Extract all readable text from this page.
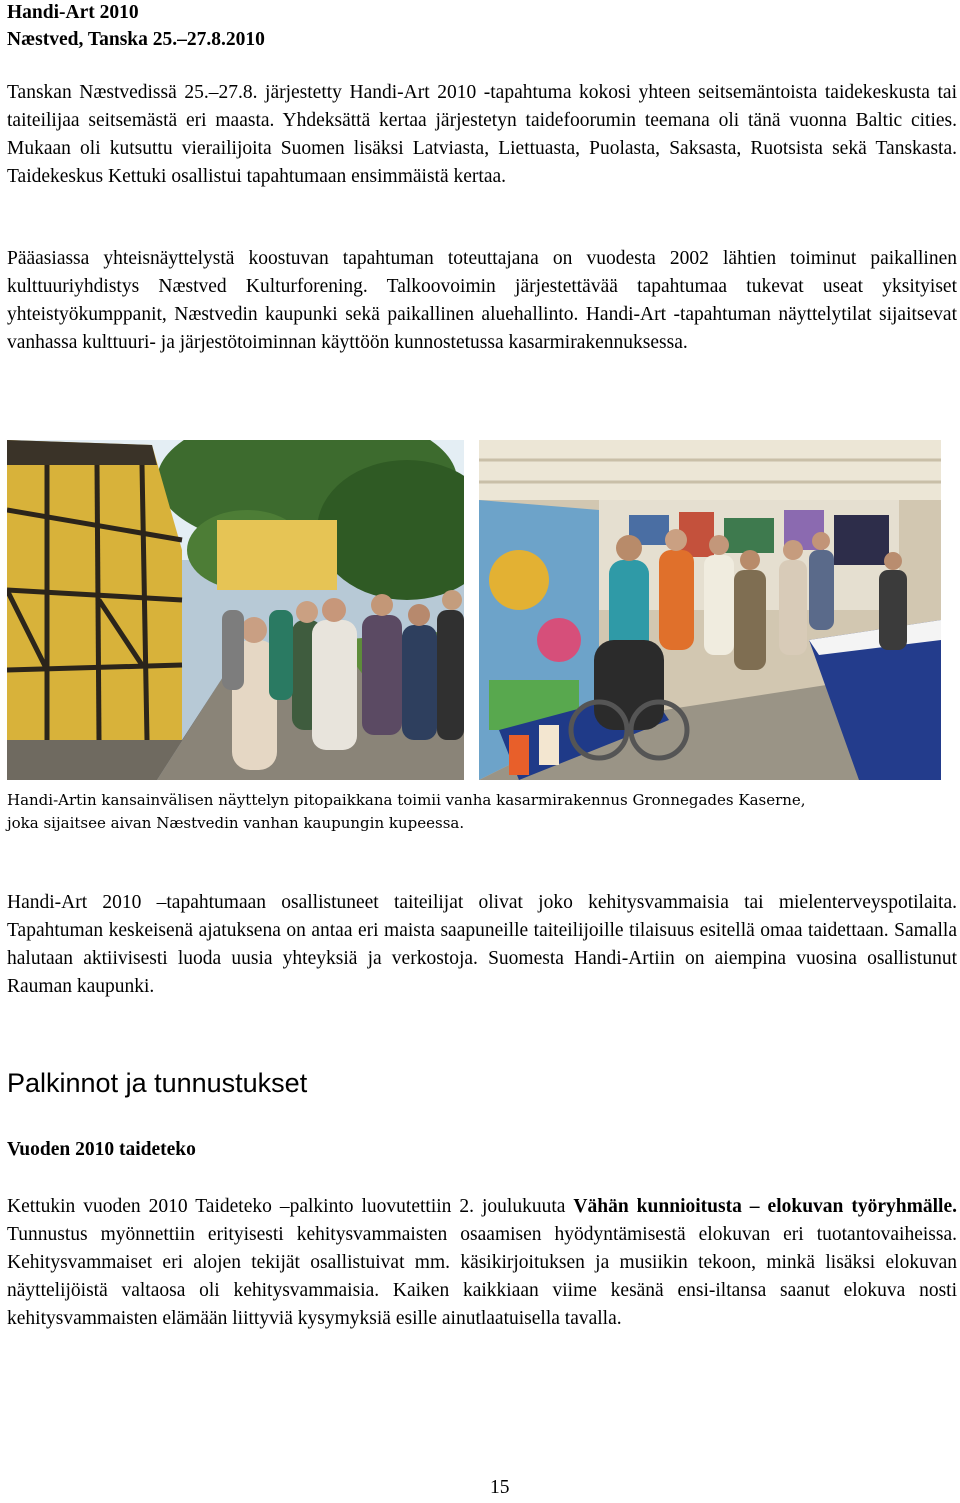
Handi-Art 2010
Næstved, Tanska 25.–27.8.2010

Tanskan Næstvedissä 25.–27.8. järjestetty Handi-Art 2010 -tapahtuma kokosi yhteen seitsemäntoista taidekeskusta tai taiteilijaa seitsemästä eri maasta. Yhdeksättä kertaa järjestetyn taidefoorumin teemana oli tänä vuonna Baltic cities. Mukaan oli kutsuttu vierailijoita Suomen lisäksi Latviasta, Liettuasta, Puolasta, Saksasta, Ruotsista sekä Tanskasta. Taidekeskus Kettuki osallistui tapahtumaan ensimmäistä kertaa.

Pääasiassa yhteisnäyttelystä koostuvan tapahtuman toteuttajana on vuodesta 2002 lähtien toiminut paikallinen kulttuuriyhdistys Næstved Kulturforening. Talkoovoimin järjestettävää tapahtumaa tukevat useat yksityiset yhteistyökumppanit, Næstvedin kaupunki sekä paikallinen aluehallinto. Handi-Art -tapahtuman näyttelytilat sijaitsevat vanhassa kulttuuri- ja järjestötoiminnan käyttöön kunnostetussa kasarmirakennuksessa.

Handi-Artin kansainvälisen näyttelyn pitopaikkana toimii vanha kasarmirakennus Gronnegades Kaserne,
joka sijaitsee aivan Næstvedin vanhan kaupungin kupeessa.

Handi-Art 2010 –tapahtumaan osallistuneet taiteilijat olivat joko kehitysvammaisia tai mielenterveyspotilaita. Tapahtuman keskeisenä ajatuksena on antaa eri maista saapuneille taiteilijoille tilaisuus esitellä omaa taidettaan. Samalla halutaan aktiivisesti luoda uusia yhteyksiä ja verkostoja. Suomesta Handi-Artiin on aiempina vuosina osallistunut Rauman kaupunki.

Palkinnot ja tunnustukset
Vuoden 2010 taideteko

Kettukin vuoden 2010 Taideteko –palkinto luovutettiin 2. joulukuuta Vähän kunnioitusta – elokuvan työryhmälle. Tunnustus myönnettiin erityisesti kehitysvammaisten osaamisen hyödyntämisestä elokuvan eri tuotantovaiheissa. Kehitysvammaiset eri alojen tekijät osallistuivat mm. käsikirjoituksen ja musiikin tekoon, minkä lisäksi elokuvan näyttelijöistä valtaosa oli kehitysvammaisia. Kaiken kaikkiaan viime kesänä ensi-iltansa saanut elokuva nosti kehitysvammaisten elämään liittyviä kysymyksiä esille ainutlaatuisella tavalla.

15
